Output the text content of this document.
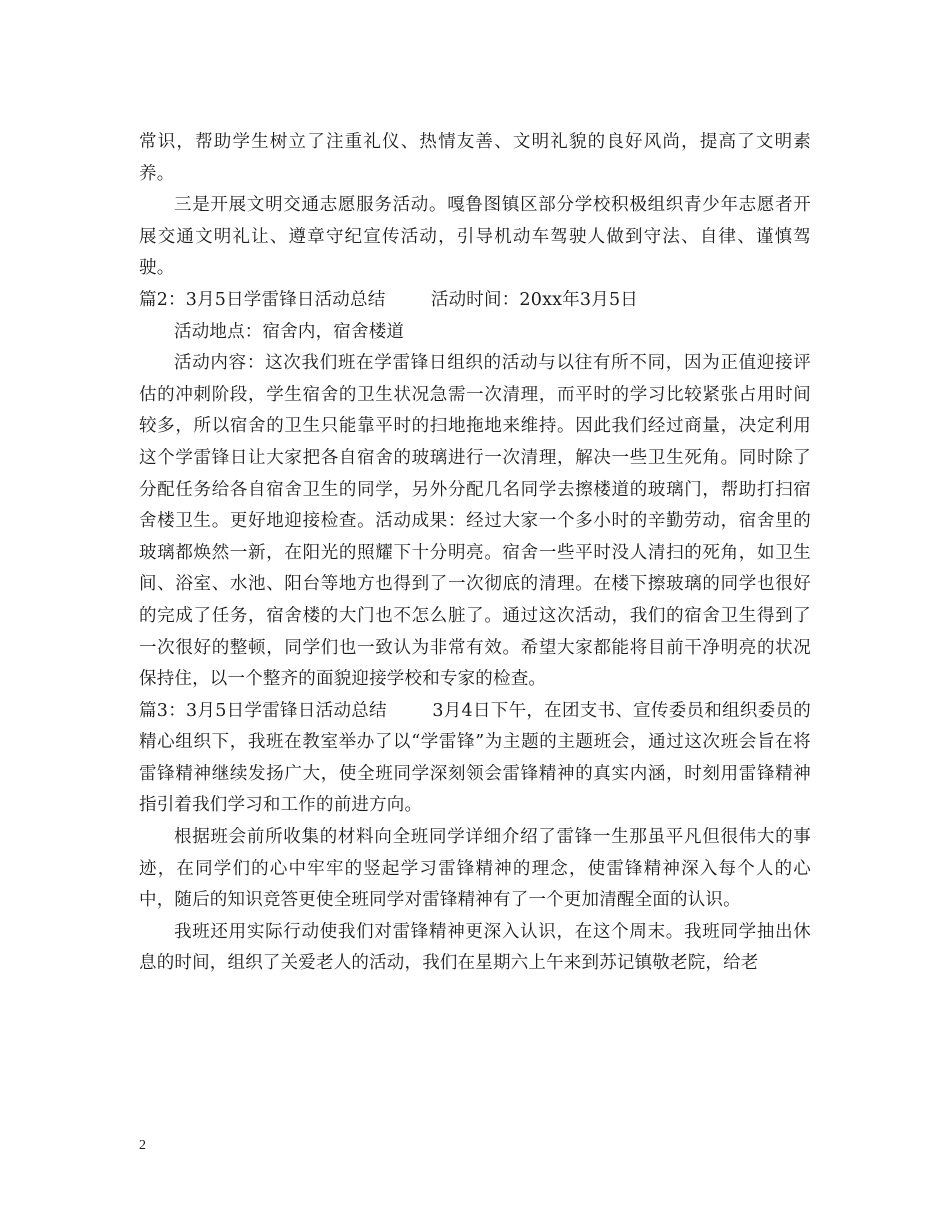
常识，帮助学生树立了注重礼仪、热情友善、文明礼貌的良好风尚，提高了文明素养。

三是开展文明交通志愿服务活动。嘎鲁图镇区部分学校积极组织青少年志愿者开展交通文明礼让、遵章守纪宣传活动，引导机动车驾驶人做到守法、自律、谨慎驾驶。

篇2：3月5日学雷锋日活动总结	活动时间：20xx年3月5日

活动地点：宿舍内，宿舍楼道

活动内容：这次我们班在学雷锋日组织的活动与以往有所不同，因为正值迎接评估的冲刺阶段，学生宿舍的卫生状况急需一次清理，而平时的学习比较紧张占用时间较多，所以宿舍的卫生只能靠平时的扫地拖地来维持。因此我们经过商量，决定利用这个学雷锋日让大家把各自宿舍的玻璃进行一次清理，解决一些卫生死角。同时除了分配任务给各自宿舍卫生的同学，另外分配几名同学去擦楼道的玻璃门，帮助打扫宿舍楼卫生。更好地迎接检查。活动成果：经过大家一个多小时的辛勤劳动，宿舍里的玻璃都焕然一新，在阳光的照耀下十分明亮。宿舍一些平时没人清扫的死角，如卫生间、浴室、水池、阳台等地方也得到了一次彻底的清理。在楼下擦玻璃的同学也很好的完成了任务，宿舍楼的大门也不怎么脏了。通过这次活动，我们的宿舍卫生得到了一次很好的整顿，同学们也一致认为非常有效。希望大家都能将目前干净明亮的状况保持住，以一个整齐的面貌迎接学校和专家的检查。

篇3：3月5日学雷锋日活动总结	3月4日下午，在团支书、宣传委员和组织委员的精心组织下，我班在教室举办了以“学雷锋”为主题的主题班会，通过这次班会旨在将雷锋精神继续发扬广大，使全班同学深刻领会雷锋精神的真实内涵，时刻用雷锋精神指引着我们学习和工作的前进方向。

根据班会前所收集的材料向全班同学详细介绍了雷锋一生那虽平凡但很伟大的事迹，在同学们的心中牢牢的竖起学习雷锋精神的理念，使雷锋精神深入每个人的心中，随后的知识竞答更使全班同学对雷锋精神有了一个更加清醒全面的认识。

我班还用实际行动使我们对雷锋精神更深入认识，在这个周末。我班同学抽出休息的时间，组织了关爱老人的活动，我们在星期六上午来到苏记镇敬老院，给老

2
